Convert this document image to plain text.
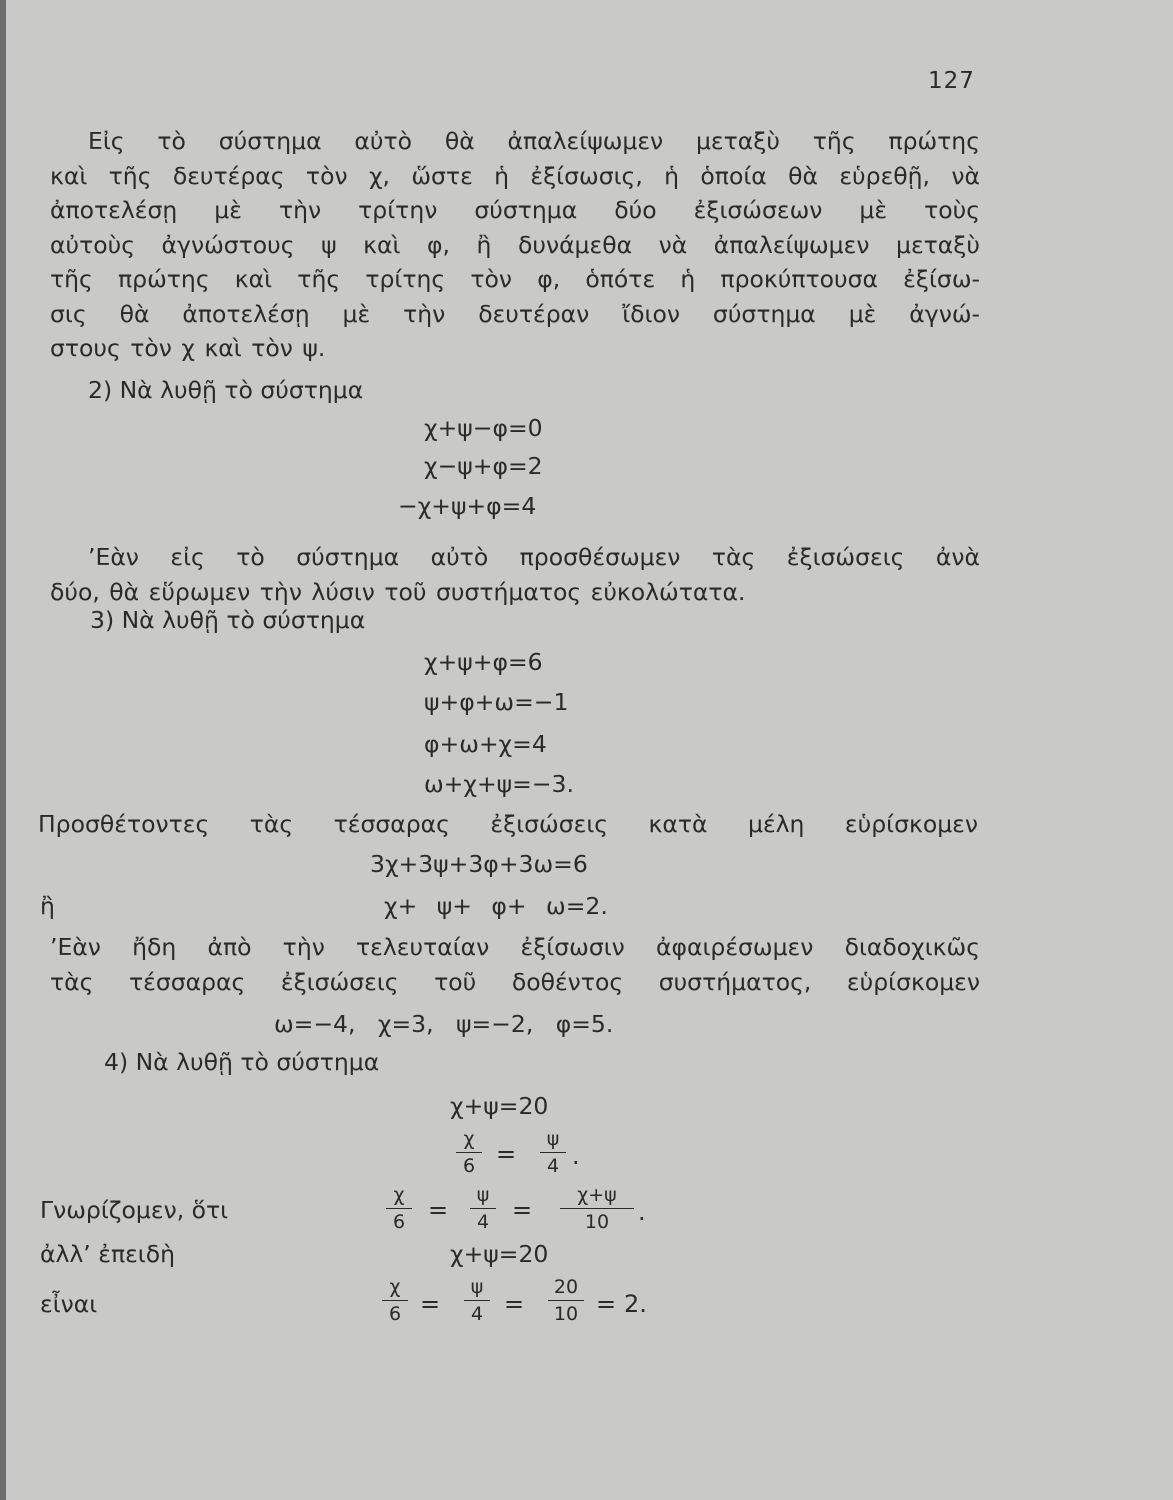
127
Εἰς τὸ σύστημα αὐτὸ θὰ ἀπαλείψωμεν μεταξὺ τῆς πρώτης
καὶ τῆς δευτέρας τὸν χ, ὥστε ἡ ἐξίσωσις, ἡ ὁποία θὰ εὑρεθῇ, νὰ
ἀποτελέσῃ μὲ τὴν τρίτην σύστημα δύο ἐξισώσεων μὲ τοὺς
αὐτοὺς ἀγνώστους ψ καὶ φ, ἢ δυνάμεθα νὰ ἀπαλείψωμεν μεταξὺ
τῆς πρώτης καὶ τῆς τρίτης τὸν φ, ὁπότε ἡ προκύπτουσα ἐξίσω-
σις θὰ ἀποτελέσῃ μὲ τὴν δευτέραν ἴδιον σύστημα μὲ ἀγνώ-
στους τὸν χ καὶ τὸν ψ.
2) Νὰ λυθῇ τὸ σύστημα
χ+ψ−φ=0
χ−ψ+φ=2
−χ+ψ+φ=4
’Εὰν εἰς τὸ σύστημα αὐτὸ προσθέσωμεν τὰς ἐξισώσεις ἀνὰ
δύο, θὰ εὕρωμεν τὴν λύσιν τοῦ συστήματος εὐκολώτατα.
3) Νὰ λυθῇ τὸ σύστημα
χ+ψ+φ=6
ψ+φ+ω=−1
φ+ω+χ=4
ω+χ+ψ=−3.
Προσθέτοντες τὰς τέσσαρας ἐξισώσεις κατὰ μέλη εὑρίσκομεν
3χ+3ψ+3φ+3ω=6
ἢ	χ+ ψ+ φ+ ω=2.
’Εὰν ἤδη ἀπὸ τὴν τελευταίαν ἐξίσωσιν ἀφαιρέσωμεν διαδοχικῶς
τὰς τέσσαρας ἐξισώσεις τοῦ δοθέντος συστήματος, εὑρίσκομεν
ω=−4,   χ=3,   ψ=−2,   φ=5.
4) Νὰ λυθῇ τὸ σύστημα
χ+ψ=20
χ
6 =
ψ
4 .
Γνωρίζομεν, ὅτι
χ
6 =
ψ
4 =
χ+ψ
10	.
ἀλλ’ ἐπειδὴ	χ+ψ=20
εἶναι
χ
6 =
ψ
4 =
20
10 = 2.
